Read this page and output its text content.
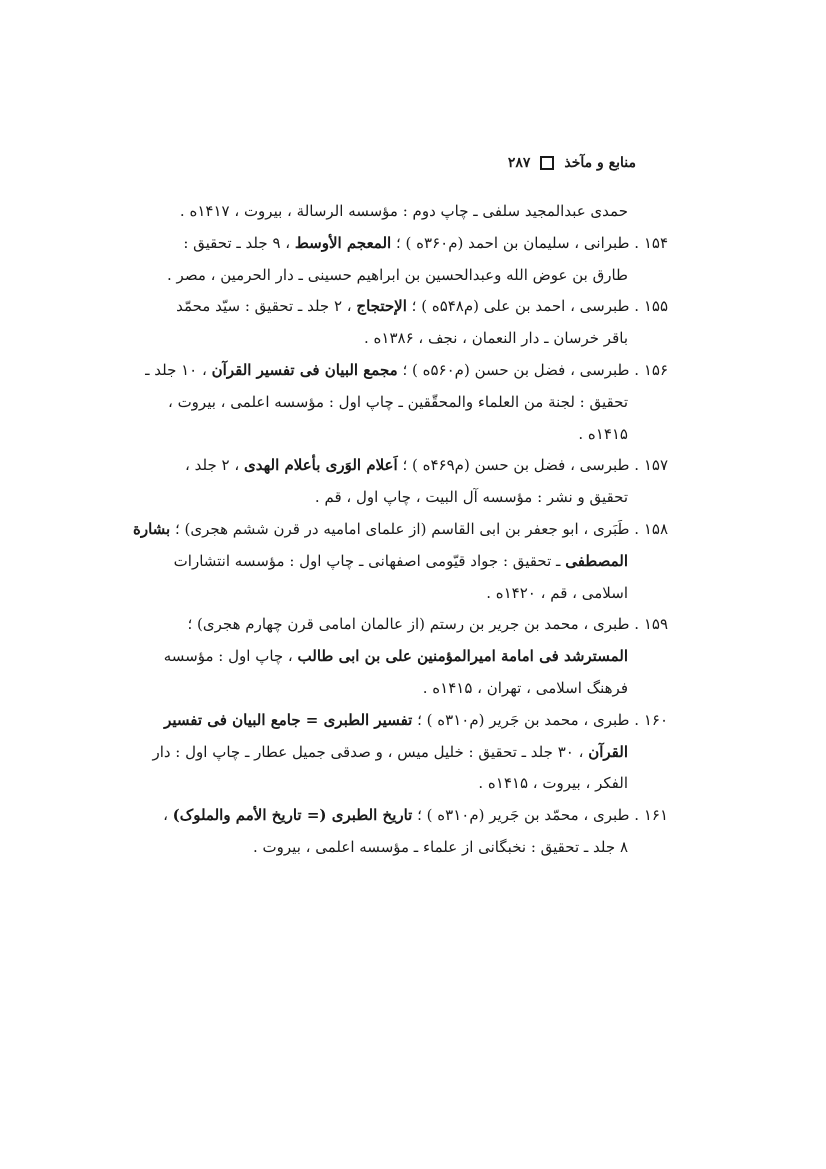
منابع و مآخذ
۲۸۷
حمدی عبدالمجید سلفی ـ چاپ دوم : مؤسسه الرسالة ، بیروت ، ۱۴۱۷ه .
۱۵۴ . طبرانی ، سلیمان بن احمد (م۳۶۰ه ) ؛ المعجم الأوسط ، ۹ جلد ـ تحقیق :
طارق بن عوض الله وعبدالحسین بن ابراهیم حسینی ـ دار الحرمین ، مصر .
۱۵۵ . طبرسی ، احمد بن علی (م۵۴۸ه ) ؛ الإحتجاج ، ۲ جلد ـ تحقیق : سیّد محمّد
باقر خرسان ـ دار النعمان ، نجف ، ۱۳۸۶ه .
۱۵۶ . طبرسی ، فضل بن حسن (م۵۶۰ه ) ؛ مجمع البیان فی تفسیر القرآن ، ۱۰ جلد ـ
تحقیق : لجنة من العلماء والمحقّقین ـ چاپ اول : مؤسسه اعلمی ، بیروت ،
۱۴۱۵ه .
۱۵۷ . طبرسی ، فضل بن حسن (م۴۶۹ه ) ؛ اَعلام الوَری بأعلام الهدی ، ۲ جلد ،
تحقیق و نشر : مؤسسه آل البیت ، چاپ اول ، قم .
۱۵۸ . طَبَری ، ابو جعفر بن ابی القاسم (از علمای امامیه در قرن ششم هجری) ؛ بشارة
المصطفی ـ تحقیق : جواد قیّومی اصفهانی ـ چاپ اول : مؤسسه انتشارات
اسلامی ، قم ، ۱۴۲۰ه .
۱۵۹ . طبری ، محمد بن جریر بن رستم (از عالمان امامی قرن چهارم هجری) ؛
المسترشد فی امامة امیرالمؤمنین علی بن ابی طالب ، چاپ اول : مؤسسه
فرهنگ اسلامی ، تهران ، ۱۴۱۵ه .
۱۶۰ . طبری ، محمد بن جَریر (م۳۱۰ه ) ؛ تفسیر الطبری = جامع البیان فی تفسیر
القرآن ، ۳۰ جلد ـ تحقیق : خلیل میس ، و صدقی جمیل عطار ـ چاپ اول : دار
الفکر ، بیروت ، ۱۴۱۵ه .
۱۶۱ . طبری ، محمّد بن جَریر (م۳۱۰ه ) ؛ تاریخ الطبری (= تاریخ الأمم والملوک) ،
۸ جلد ـ تحقیق : نخبگانی از علماء ـ مؤسسه اعلمی ، بیروت .
